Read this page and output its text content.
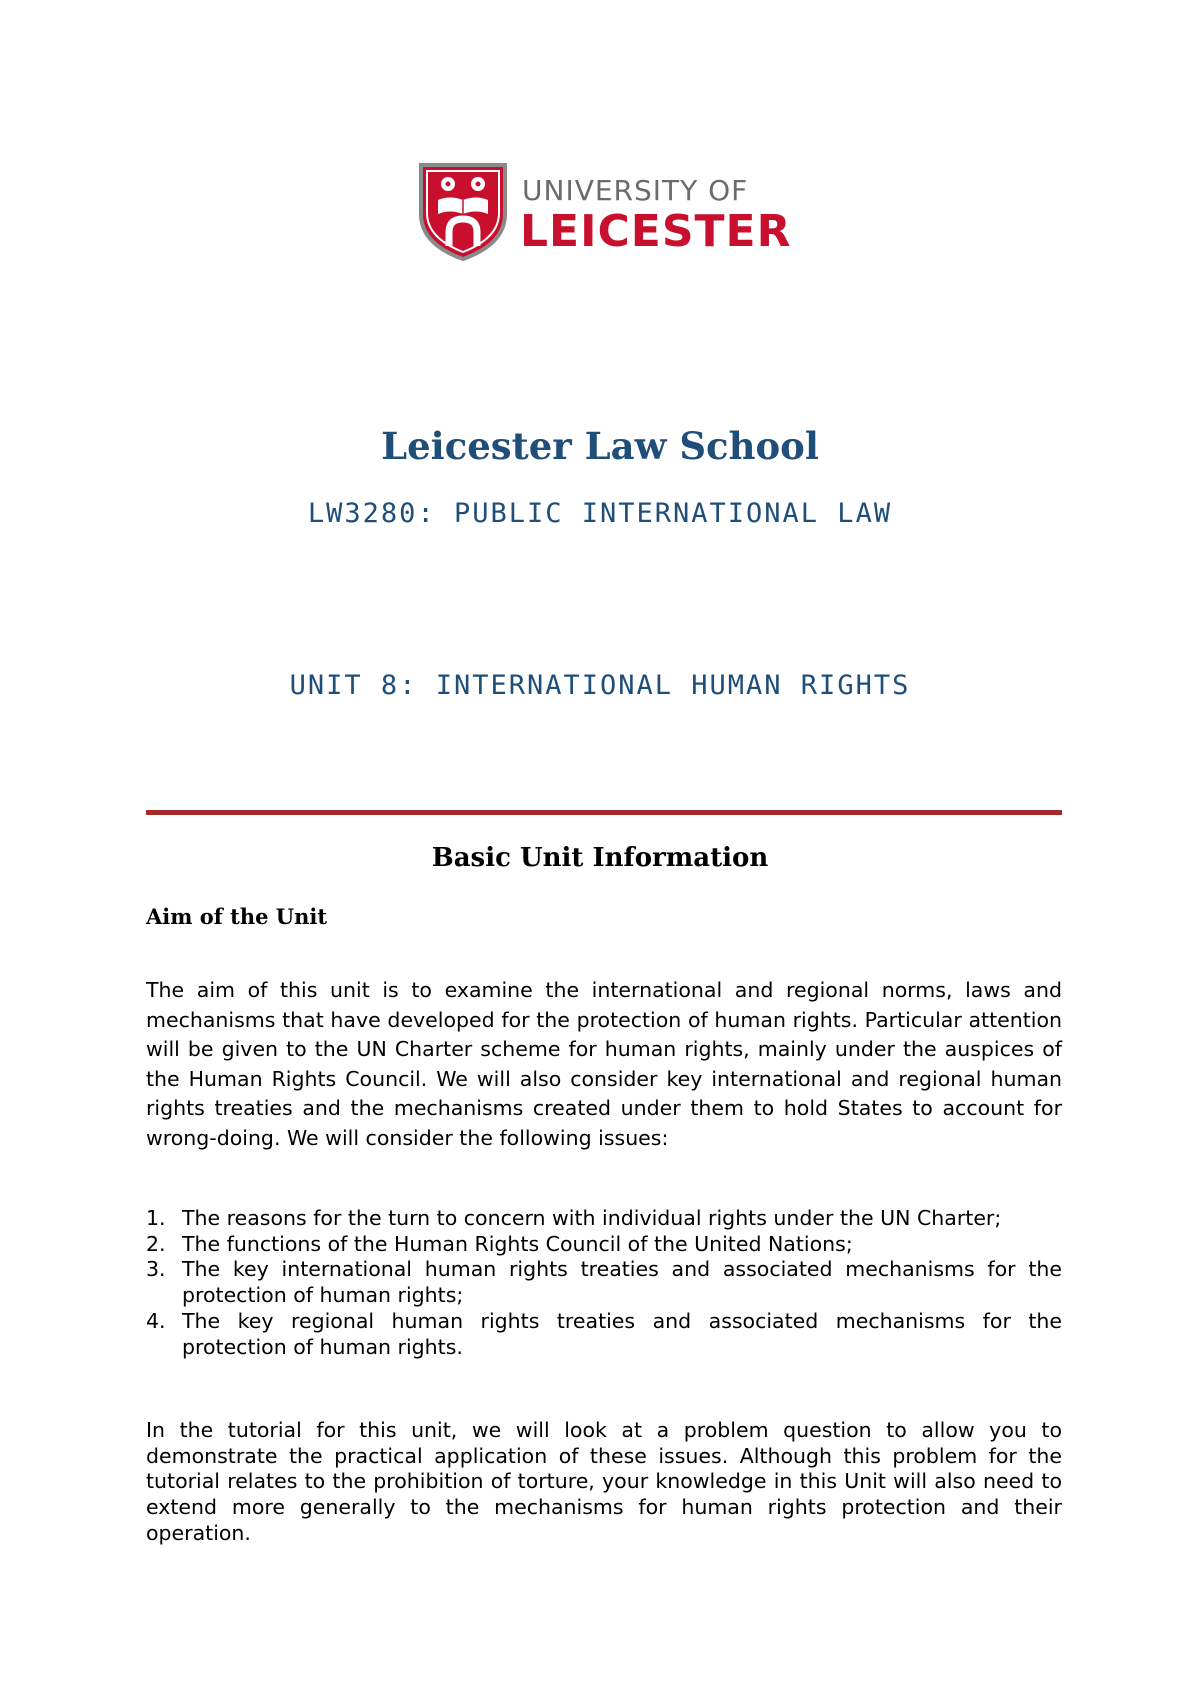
UNIVERSITY OF
LEICESTER
Leicester Law School
LW3280: PUBLIC INTERNATIONAL LAW
UNIT 8: INTERNATIONAL HUMAN RIGHTS
Basic Unit Information
Aim of the Unit

The aim of this unit is to examine the international and regional norms, laws and mechanisms that have developed for the protection of human rights. Particular attention will be given to the UN Charter scheme for human rights, mainly under the auspices of the Human Rights Council. We will also consider key international and regional human rights treaties and the mechanisms created under them to hold States to account for wrong-doing. We will consider the following issues:

1. The reasons for the turn to concern with individual rights under the UN Charter;
2. The functions of the Human Rights Council of the United Nations;
3. The key international human rights treaties and associated mechanisms for the protection of human rights;
4. The key regional human rights treaties and associated mechanisms for the protection of human rights.

In the tutorial for this unit, we will look at a problem question to allow you to demonstrate the practical application of these issues. Although this problem for the tutorial relates to the prohibition of torture, your knowledge in this Unit will also need to extend more generally to the mechanisms for human rights protection and their operation.
